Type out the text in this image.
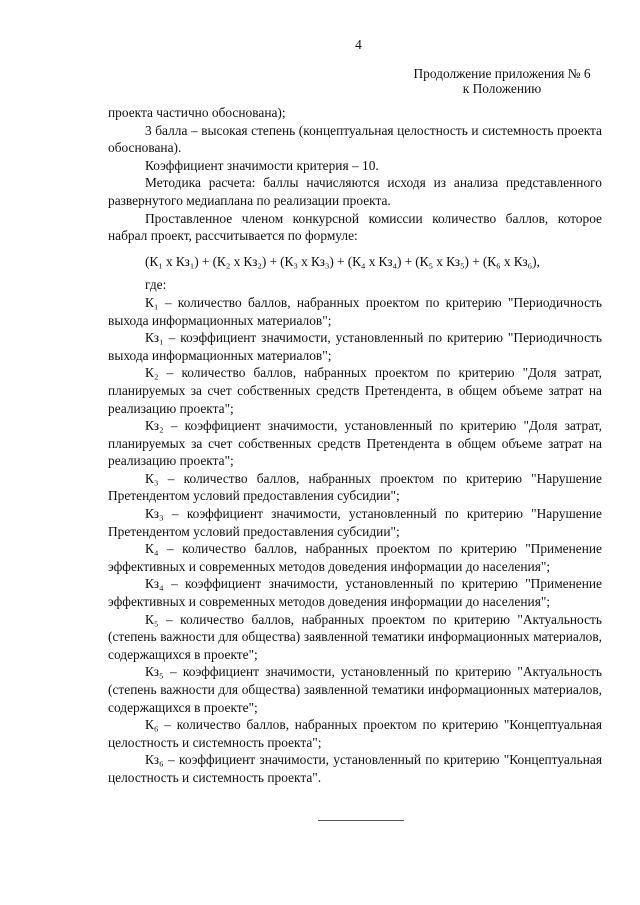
4
Продолжение приложения № 6
к Положению

проекта частично обоснована);

3 балла – высокая степень (концептуальная целостность и системность проекта обоснована).

Коэффициент значимости критерия – 10.

Методика расчета: баллы начисляются исходя из анализа представленного развернутого медиаплана по реализации проекта.

Проставленное членом конкурсной комиссии количество баллов, которое набрал проект, рассчитывается по формуле:

(К₁ х Кз₁) + (К₂ х Кз₂) + (К₃ х Кз₃) + (К₄ х Кз₄) + (К₅ х Кз₅) + (К₆ х Кз₆),

где:

К₁ – количество баллов, набранных проектом по критерию "Периодичность выхода информационных материалов";

Кз₁ – коэффициент значимости, установленный по критерию "Периодичность выхода информационных материалов";

К₂ – количество баллов, набранных проектом по критерию "Доля затрат, планируемых за счет собственных средств Претендента, в общем объеме затрат на реализацию проекта";

Кз₂ – коэффициент значимости, установленный по критерию "Доля затрат, планируемых за счет собственных средств Претендента в общем объеме затрат на реализацию проекта";

К₃ – количество баллов, набранных проектом по критерию "Нарушение Претендентом условий предоставления субсидии";

Кз₃ – коэффициент значимости, установленный по критерию "Нарушение Претендентом условий предоставления субсидии";

К₄ – количество баллов, набранных проектом по критерию "Применение эффективных и современных методов доведения информации до населения";

Кз₄ – коэффициент значимости, установленный по критерию "Применение эффективных и современных методов доведения информации до населения";

К₅ – количество баллов, набранных проектом по критерию "Актуальность (степень важности для общества) заявленной тематики информационных материалов, содержащихся в проекте";

Кз₅ – коэффициент значимости, установленный по критерию "Актуальность (степень важности для общества) заявленной тематики информационных материалов, содержащихся в проекте";

К₆ – количество баллов, набранных проектом по критерию "Концептуальная целостность и системность проекта";

Кз₆ – коэффициент значимости, установленный по критерию "Концептуальная целостность и системность проекта".
